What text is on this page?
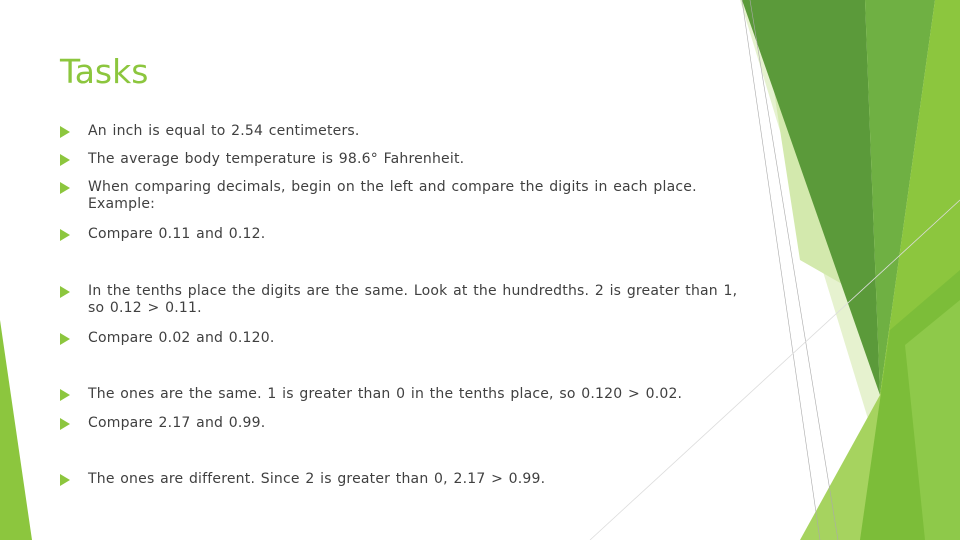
Tasks
An inch is equal to 2.54 centimeters.
The average body temperature is 98.6° Fahrenheit.
When comparing decimals, begin on the left and compare the digits in each place. Example:
Compare 0.11 and 0.12.
In the tenths place the digits are the same. Look at the hundredths. 2 is greater than 1, so 0.12 > 0.11.
Compare 0.02 and 0.120.
The ones are the same. 1 is greater than 0 in the tenths place, so 0.120 > 0.02.
Compare 2.17 and 0.99.
The ones are different. Since 2 is greater than 0, 2.17 > 0.99.
